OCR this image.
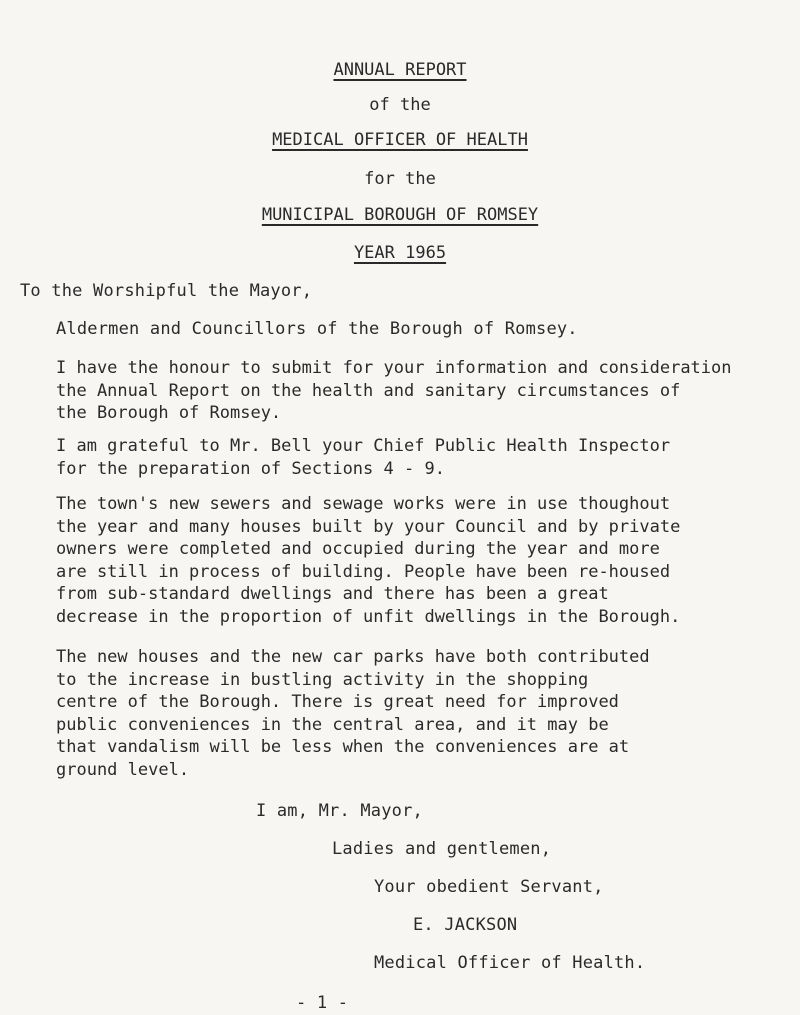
ANNUAL REPORT
of the
MEDICAL OFFICER OF HEALTH
for the
MUNICIPAL BOROUGH OF ROMSEY
YEAR 1965
To the Worshipful the Mayor,
Aldermen and Councillors of the Borough of Romsey.
I have the honour to submit for your information and consideration
the Annual Report on the health and sanitary circumstances of
the Borough of Romsey.
I am grateful to Mr. Bell your Chief Public Health Inspector
for the preparation of Sections 4 - 9.
The town's new sewers and sewage works were in use thoughout
the year and many houses built by your Council and by private
owners were completed and occupied during the year and more
are still in process of building. People have been re-housed
from sub-standard dwellings and there has been a great
decrease in the proportion of unfit dwellings in the Borough.
The new houses and the new car parks have both contributed
to the increase in bustling activity in the shopping
centre of the Borough. There is great need for improved
public conveniences in the central area, and it may be
that vandalism will be less when the conveniences are at
ground level.
I am, Mr. Mayor,
Ladies and gentlemen,
Your obedient Servant,
E. JACKSON
Medical Officer of Health.
- 1 -
